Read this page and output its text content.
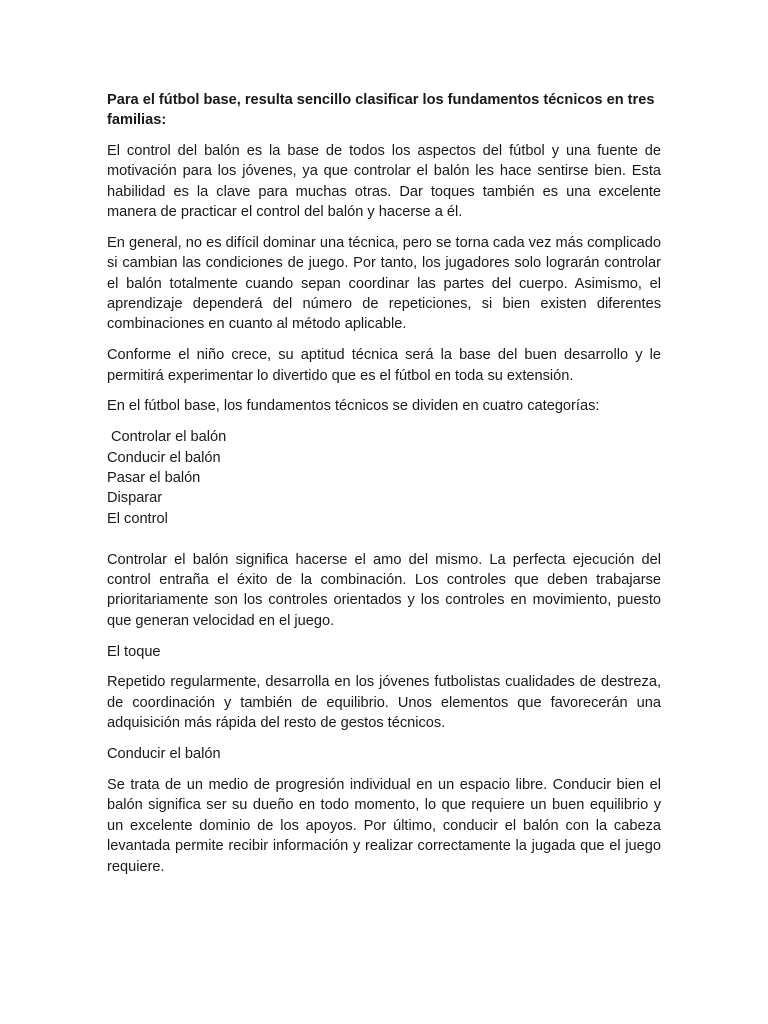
Para el fútbol base, resulta sencillo clasificar los fundamentos técnicos en tres familias:

El control del balón es la base de todos los aspectos del fútbol y una fuente de motivación para los jóvenes, ya que controlar el balón les hace sentirse bien. Esta habilidad es la clave para muchas otras. Dar toques también es una excelente manera de practicar el control del balón y hacerse a él.

En general, no es difícil dominar una técnica, pero se torna cada vez más complicado si cambian las condiciones de juego. Por tanto, los jugadores solo lograrán controlar el balón totalmente cuando sepan coordinar las partes del cuerpo. Asimismo, el aprendizaje dependerá del número de repeticiones, si bien existen diferentes combinaciones en cuanto al método aplicable.

Conforme el niño crece, su aptitud técnica será la base del buen desarrollo y le permitirá experimentar lo divertido que es el fútbol en toda su extensión.

En el fútbol base, los fundamentos técnicos se dividen en cuatro categorías:

Controlar el balón
Conducir el balón
Pasar el balón
Disparar
El control

Controlar el balón significa hacerse el amo del mismo. La perfecta ejecución del control entraña el éxito de la combinación. Los controles que deben trabajarse prioritariamente son los controles orientados y los controles en movimiento, puesto que generan velocidad en el juego.

El toque

Repetido regularmente, desarrolla en los jóvenes futbolistas cualidades de destreza, de coordinación y también de equilibrio. Unos elementos que favorecerán una adquisición más rápida del resto de gestos técnicos.

Conducir el balón

Se trata de un medio de progresión individual en un espacio libre. Conducir bien el balón significa ser su dueño en todo momento, lo que requiere un buen equilibrio y un excelente dominio de los apoyos. Por último, conducir el balón con la cabeza levantada permite recibir información y realizar correctamente la jugada que el juego requiere.
